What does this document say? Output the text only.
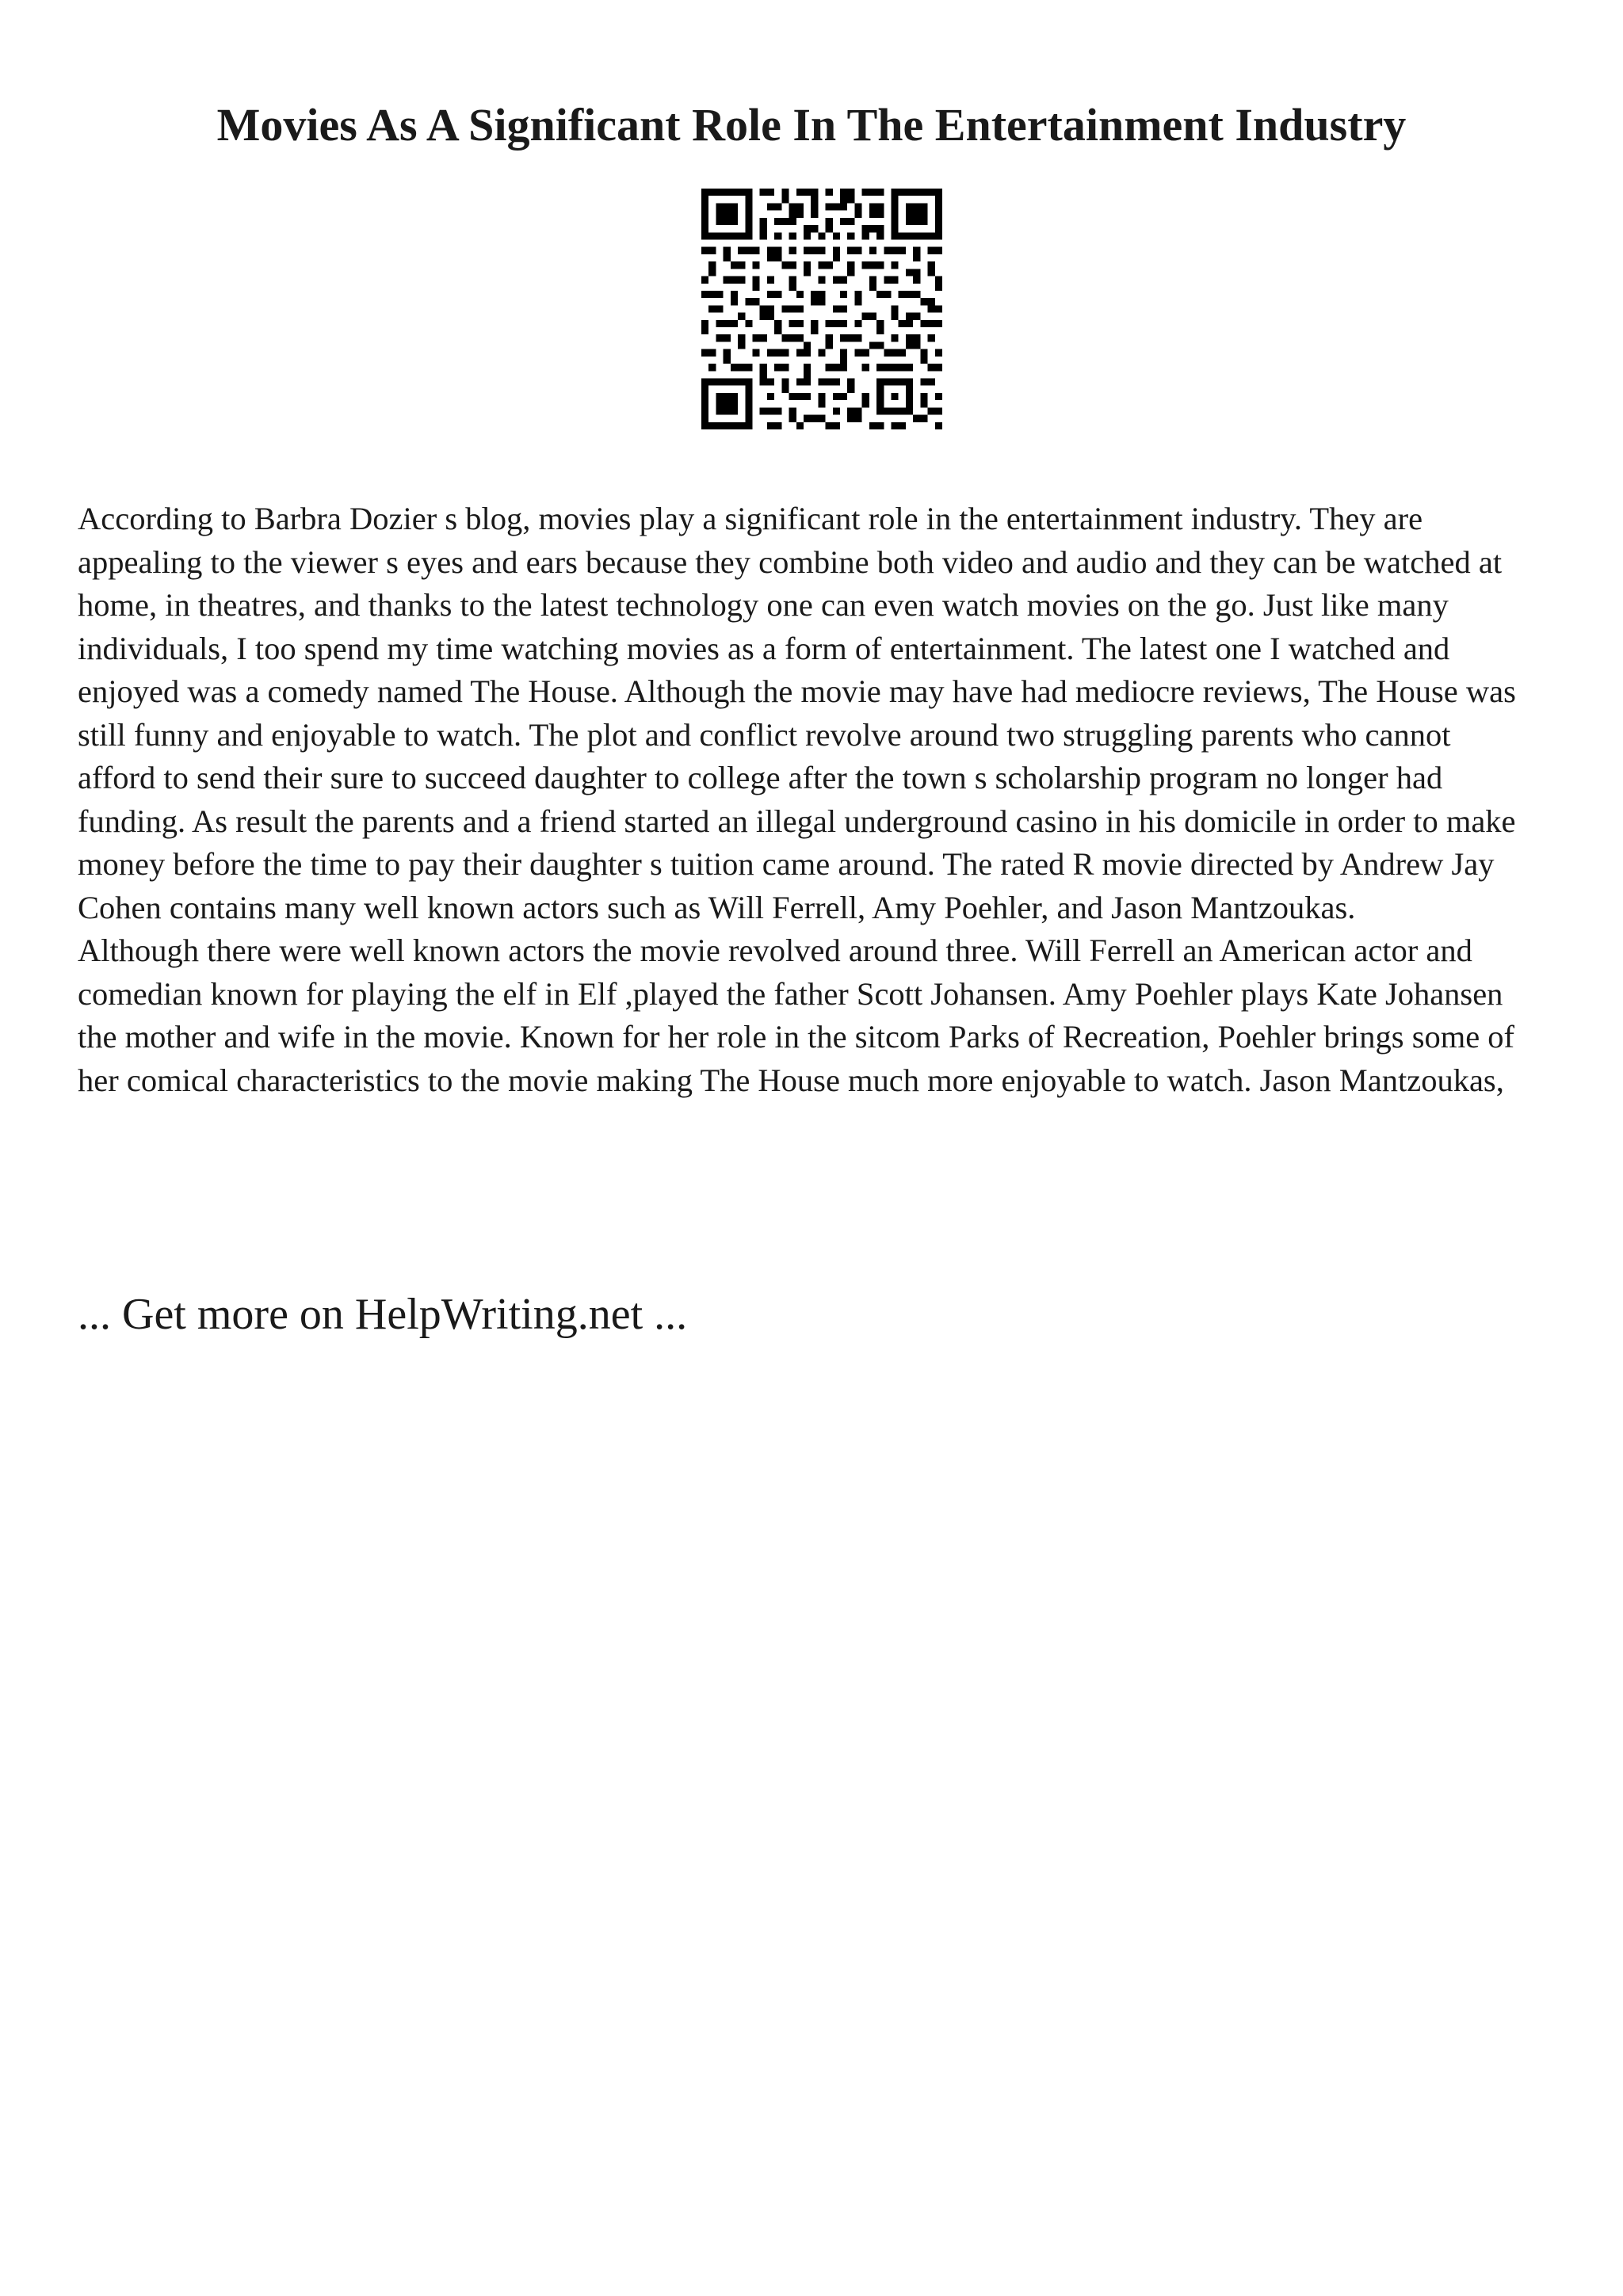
Movies As A Significant Role In The Entertainment Industry

According to Barbra Dozier s blog, movies play a significant role in the entertainment industry. They are appealing to the viewer s eyes and ears because they combine both video and audio and they can be watched at home, in theatres, and thanks to the latest technology one can even watch movies on the go. Just like many individuals, I too spend my time watching movies as a form of entertainment. The latest one I watched and enjoyed was a comedy named The House. Although the movie may have had mediocre reviews, The House was still funny and enjoyable to watch. The plot and conflict revolve around two struggling parents who cannot afford to send their sure to succeed daughter to college after the town s scholarship program no longer had funding. As result the parents and a friend started an illegal underground casino in his domicile in order to make money before the time to pay their daughter s tuition came around. The rated R movie directed by Andrew Jay Cohen contains many well known actors such as Will Ferrell, Amy Poehler, and Jason Mantzoukas.

Although there were well known actors the movie revolved around three. Will Ferrell an American actor and comedian known for playing the elf in Elf ,played the father Scott Johansen. Amy Poehler plays Kate Johansen the mother and wife in the movie. Known for her role in the sitcom Parks of Recreation, Poehler brings some of her comical characteristics to the movie making The House much more enjoyable to watch. Jason Mantzoukas,

... Get more on HelpWriting.net ...
